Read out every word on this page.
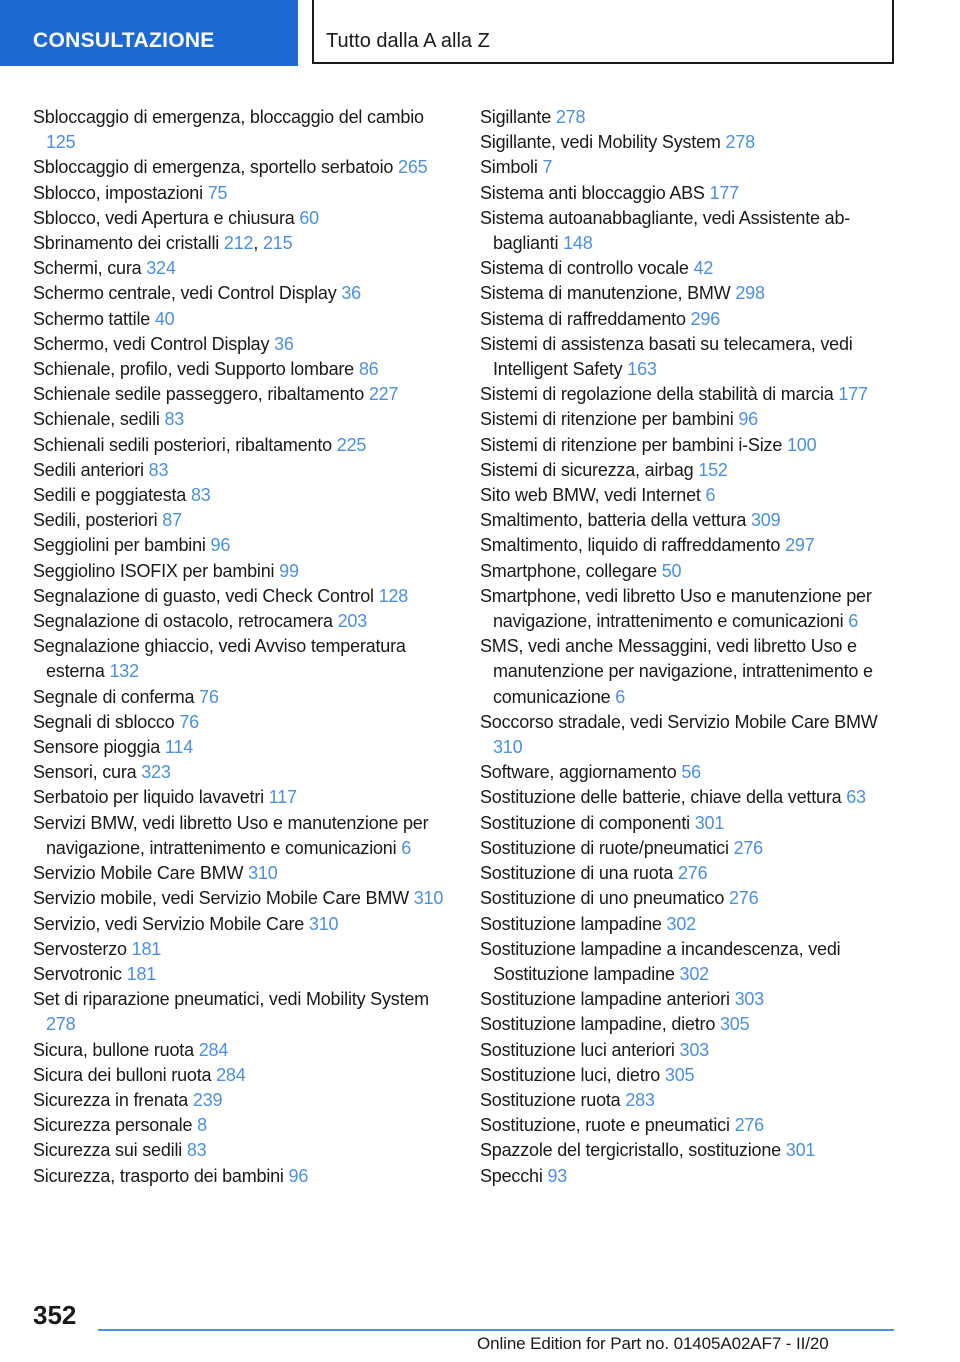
CONSULTAZIONE	Tutto dalla A alla Z
Sbloccaggio di emergenza, bloccaggio del cambio 125
Sbloccaggio di emergenza, sportello serbatoio 265
Sblocco, impostazioni 75
Sblocco, vedi Apertura e chiusura 60
Sbrinamento dei cristalli 212, 215
Schermi, cura 324
Schermo centrale, vedi Control Display 36
Schermo tattile 40
Schermo, vedi Control Display 36
Schienale, profilo, vedi Supporto lombare 86
Schienale sedile passeggero, ribaltamento 227
Schienale, sedili 83
Schienali sedili posteriori, ribaltamento 225
Sedili anteriori 83
Sedili e poggiatesta 83
Sedili, posteriori 87
Seggiolini per bambini 96
Seggiolino ISOFIX per bambini 99
Segnalazione di guasto, vedi Check Control 128
Segnalazione di ostacolo, retrocamera 203
Segnalazione ghiaccio, vedi Avviso temperatura esterna 132
Segnale di conferma 76
Segnali di sblocco 76
Sensore pioggia 114
Sensori, cura 323
Serbatoio per liquido lavavetri 117
Servizi BMW, vedi libretto Uso e manutenzione per navigazione, intrattenimento e comunicazioni 6
Servizio Mobile Care BMW 310
Servizio mobile, vedi Servizio Mobile Care BMW 310
Servizio, vedi Servizio Mobile Care 310
Servosterzo 181
Servotronic 181
Set di riparazione pneumatici, vedi Mobility System 278
Sicura, bullone ruota 284
Sicura dei bulloni ruota 284
Sicurezza in frenata 239
Sicurezza personale 8
Sicurezza sui sedili 83
Sicurezza, trasporto dei bambini 96
Sigillante 278
Sigillante, vedi Mobility System 278
Simboli 7
Sistema anti bloccaggio ABS 177
Sistema autoanabbagliante, vedi Assistente abbaglianti 148
Sistema di controllo vocale 42
Sistema di manutenzione, BMW 298
Sistema di raffreddamento 296
Sistemi di assistenza basati su telecamera, vedi Intelligent Safety 163
Sistemi di regolazione della stabilità di marcia 177
Sistemi di ritenzione per bambini 96
Sistemi di ritenzione per bambini i-Size 100
Sistemi di sicurezza, airbag 152
Sito web BMW, vedi Internet 6
Smaltimento, batteria della vettura 309
Smaltimento, liquido di raffreddamento 297
Smartphone, collegare 50
Smartphone, vedi libretto Uso e manutenzione per navigazione, intrattenimento e comunicazioni 6
SMS, vedi anche Messaggini, vedi libretto Uso e manutenzione per navigazione, intrattenimento e comunicazione 6
Soccorso stradale, vedi Servizio Mobile Care BMW 310
Software, aggiornamento 56
Sostituzione delle batterie, chiave della vettura 63
Sostituzione di componenti 301
Sostituzione di ruote/pneumatici 276
Sostituzione di una ruota 276
Sostituzione di uno pneumatico 276
Sostituzione lampadine 302
Sostituzione lampadine a incandescenza, vedi Sostituzione lampadine 302
Sostituzione lampadine anteriori 303
Sostituzione lampadine, dietro 305
Sostituzione luci anteriori 303
Sostituzione luci, dietro 305
Sostituzione ruota 283
Sostituzione, ruote e pneumatici 276
Spazzole del tergicristallo, sostituzione 301
Specchi 93
352
Online Edition for Part no. 01405A02AF7 - II/20
